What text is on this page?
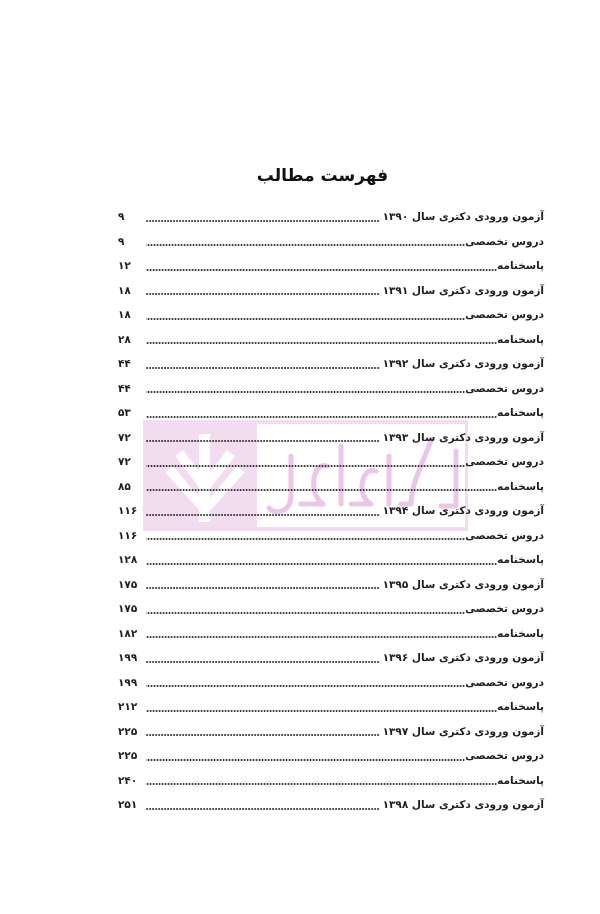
فهرست مطالب
آزمون ورودی دکتری سال ۱۳۹۰
۹
دروس تخصصی
۹
پاسخنامه
۱۲
آزمون ورودی دکتری سال ۱۳۹۱
۱۸
دروس تخصصی
۱۸
پاسخنامه
۲۸
آزمون ورودی دکتری سال ۱۳۹۲
۴۴
دروس تخصصی
۴۴
پاسخنامه
۵۳
آزمون ورودی دکتری سال ۱۳۹۳
۷۲
دروس تخصصی
۷۲
پاسخنامه
۸۵
آزمون ورودی دکتری سال ۱۳۹۴
۱۱۶
دروس تخصصی
۱۱۶
پاسخنامه
۱۲۸
آزمون ورودی دکتری سال ۱۳۹۵
۱۷۵
دروس تخصصی
۱۷۵
پاسخنامه
۱۸۲
آزمون ورودی دکتری سال ۱۳۹۶
۱۹۹
دروس تخصصی
۱۹۹
پاسخنامه
۲۱۲
آزمون ورودی دکتری سال ۱۳۹۷
۲۲۵
دروس تخصصی
۲۲۵
پاسخنامه
۲۴۰
آزمون ورودی دکتری سال ۱۳۹۸
۲۵۱
